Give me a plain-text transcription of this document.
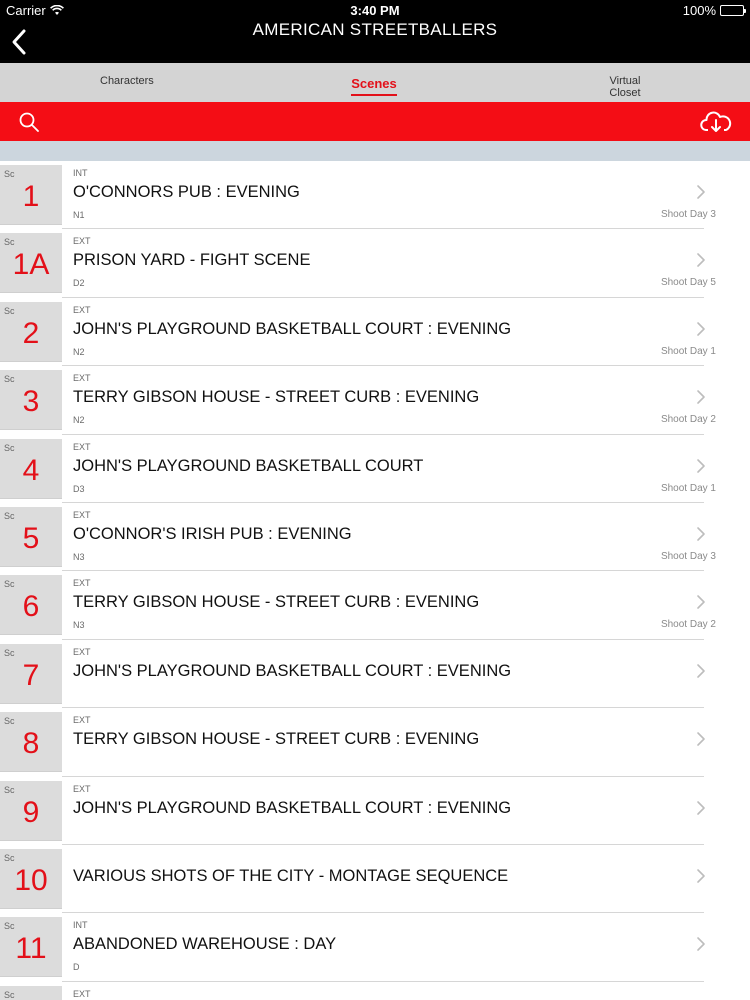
Carrier	3:40 PM	100%
AMERICAN STREETBALLERS
Characters	Scenes	Virtual Closet
Sc
1
INT
O'CONNORS PUB : EVENING
N1	Shoot Day 3
Sc
1A
EXT
PRISON YARD - FIGHT SCENE
D2	Shoot Day 5
Sc
2
EXT
JOHN'S PLAYGROUND BASKETBALL COURT : EVENING
N2	Shoot Day 1
Sc
3
EXT
TERRY GIBSON HOUSE - STREET CURB : EVENING
N2	Shoot Day 2
Sc
4
EXT
JOHN'S PLAYGROUND BASKETBALL COURT
D3	Shoot Day 1
Sc
5
EXT
O'CONNOR'S IRISH PUB : EVENING
N3	Shoot Day 3
Sc
6
EXT
TERRY GIBSON HOUSE - STREET CURB : EVENING
N3	Shoot Day 2
Sc
7
EXT
JOHN'S PLAYGROUND BASKETBALL COURT : EVENING
Sc
8
EXT
TERRY GIBSON HOUSE - STREET CURB : EVENING
Sc
9
EXT
JOHN'S PLAYGROUND BASKETBALL COURT : EVENING
Sc
10	VARIOUS SHOTS OF THE CITY - MONTAGE SEQUENCE
Sc
11
INT
ABANDONED WAREHOUSE : DAY
D
Sc	EXT
